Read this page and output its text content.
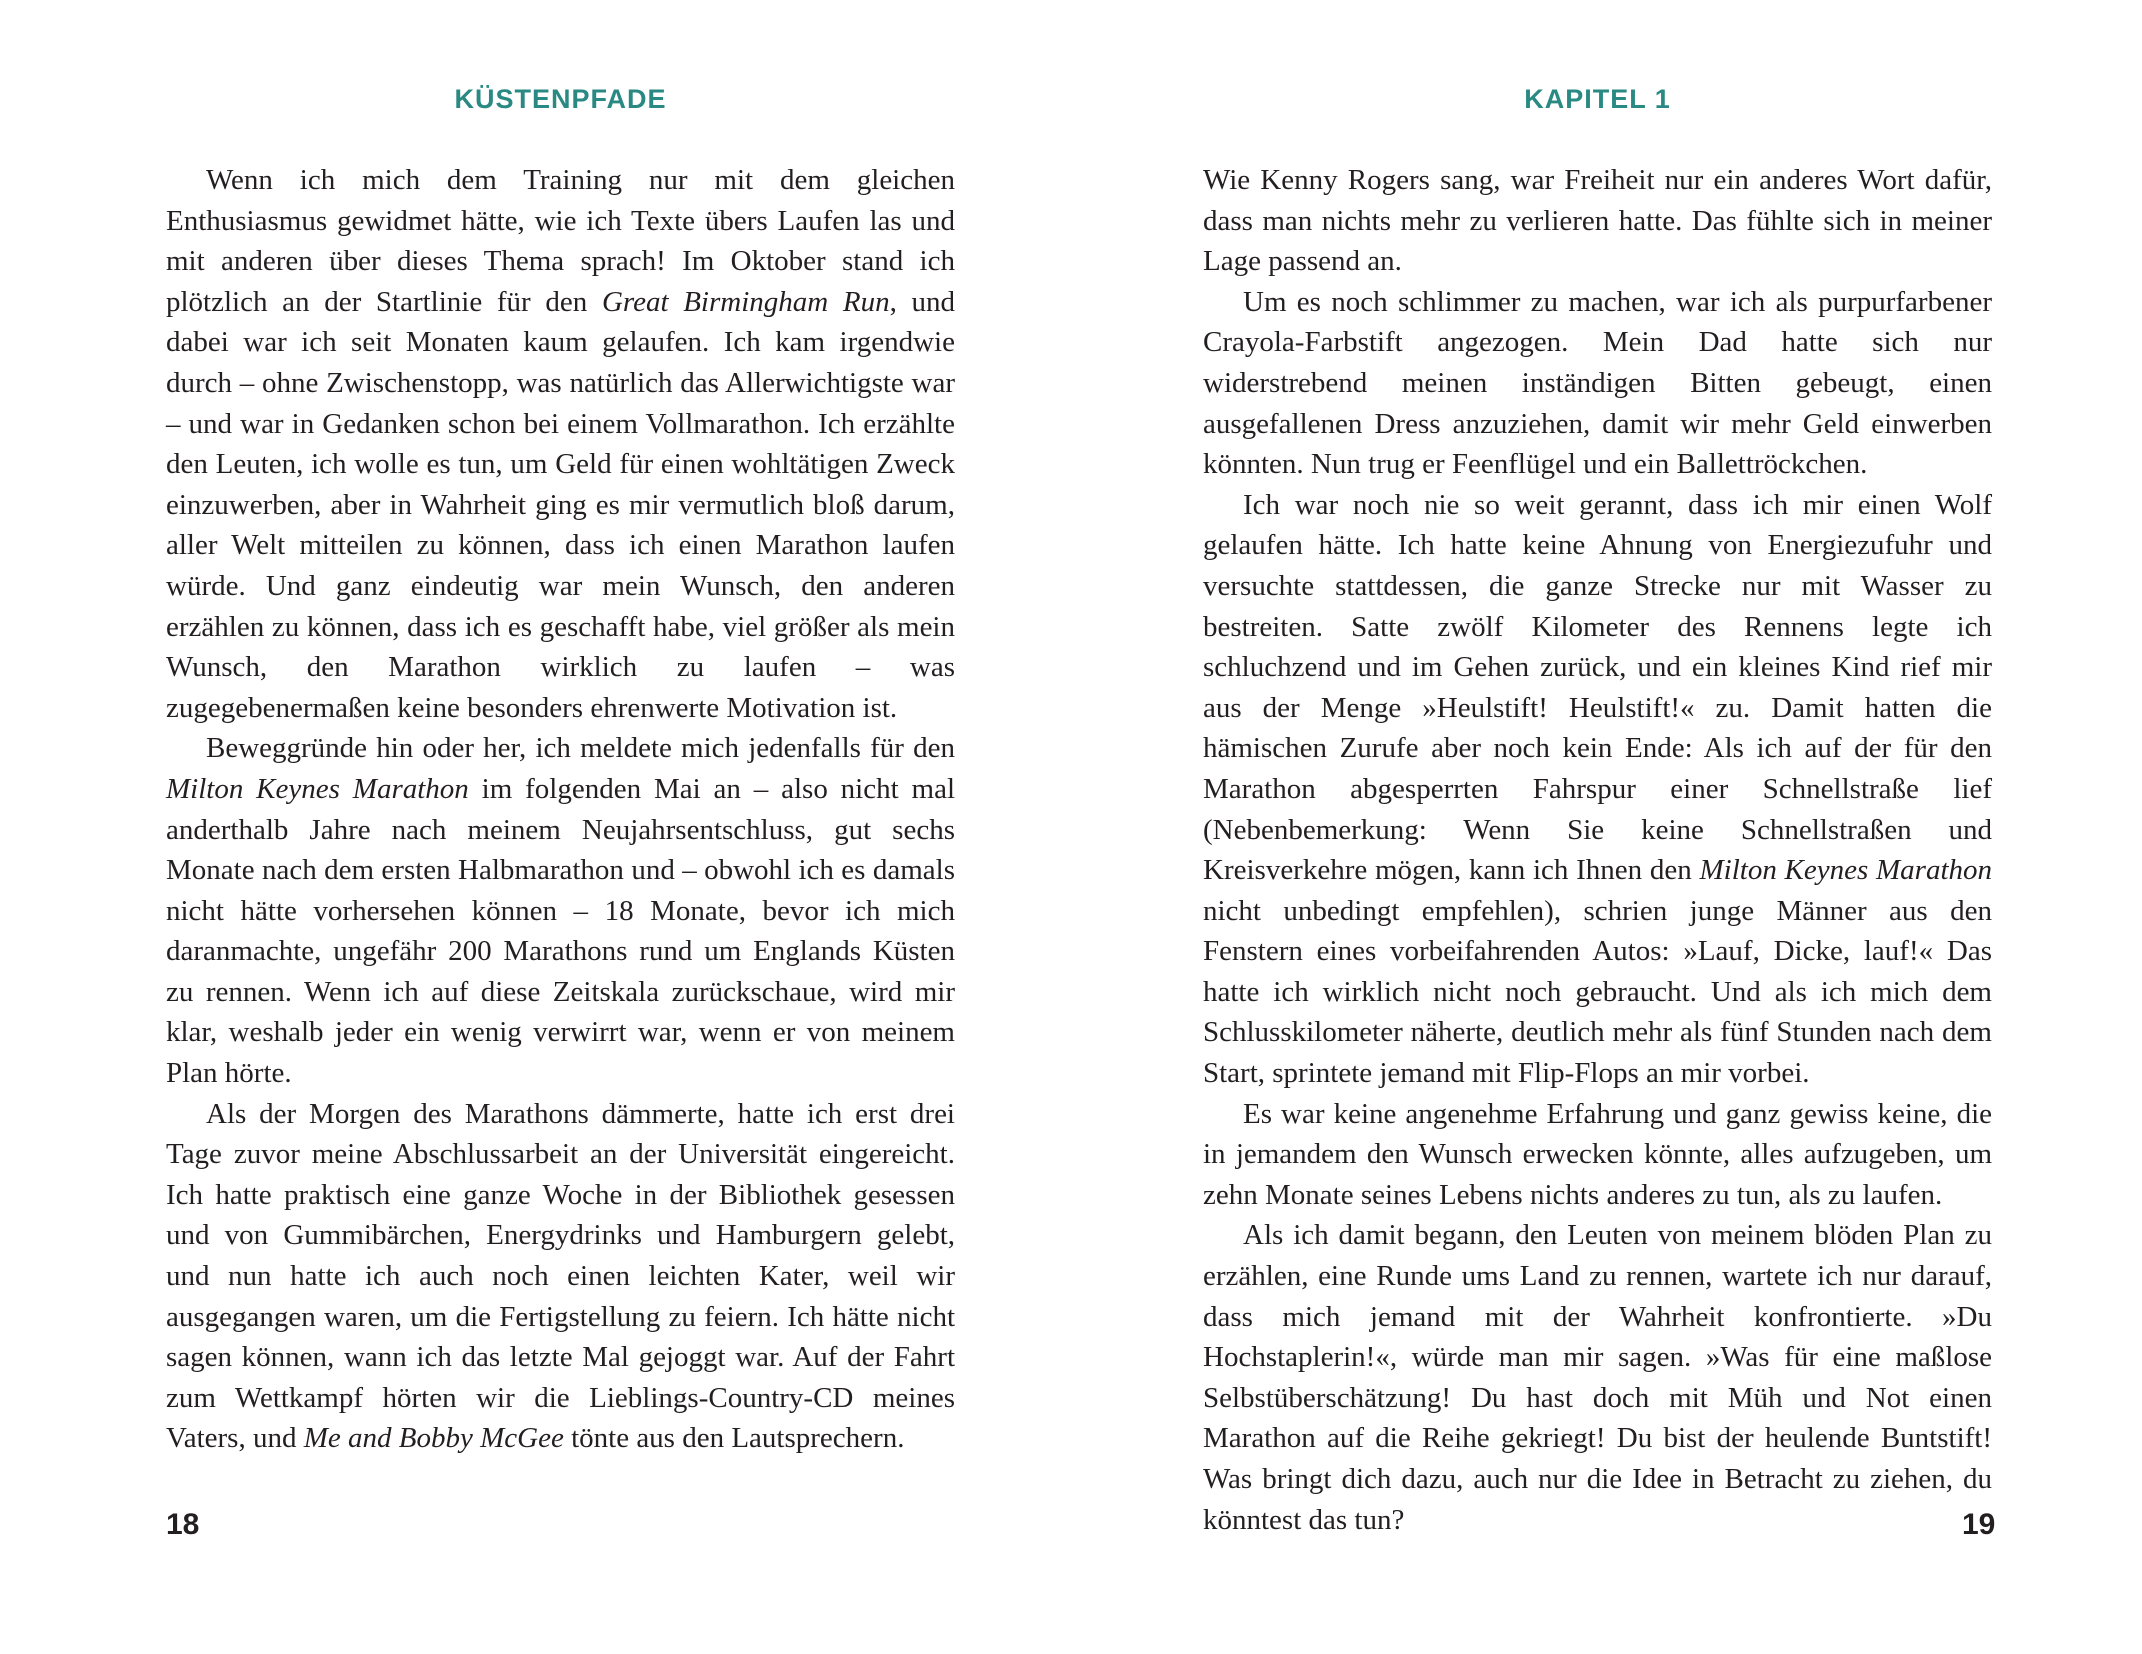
KÜSTENPFADE

Wenn ich mich dem Training nur mit dem gleichen Enthusiasmus gewidmet hätte, wie ich Texte übers Laufen las und mit anderen über dieses Thema sprach! Im Oktober stand ich plötzlich an der Startlinie für den Great Birmingham Run, und dabei war ich seit Monaten kaum gelaufen. Ich kam irgendwie durch – ohne Zwischenstopp, was natürlich das Allerwichtigste war – und war in Gedanken schon bei einem Vollmarathon. Ich erzählte den Leuten, ich wolle es tun, um Geld für einen wohltätigen Zweck einzuwerben, aber in Wahrheit ging es mir vermutlich bloß darum, aller Welt mitteilen zu können, dass ich einen Marathon laufen würde. Und ganz eindeutig war mein Wunsch, den anderen erzählen zu können, dass ich es geschafft habe, viel größer als mein Wunsch, den Marathon wirklich zu laufen – was zugegebenermaßen keine besonders ehrenwerte Motivation ist.

Beweggründe hin oder her, ich meldete mich jedenfalls für den Milton Keynes Marathon im folgenden Mai an – also nicht mal anderthalb Jahre nach meinem Neujahrsentschluss, gut sechs Monate nach dem ersten Halbmarathon und – obwohl ich es damals nicht hätte vorhersehen können – 18 Monate, bevor ich mich daranmachte, ungefähr 200 Marathons rund um Englands Küsten zu rennen. Wenn ich auf diese Zeitskala zurückschaue, wird mir klar, weshalb jeder ein wenig verwirrt war, wenn er von meinem Plan hörte.

Als der Morgen des Marathons dämmerte, hatte ich erst drei Tage zuvor meine Abschlussarbeit an der Universität eingereicht. Ich hatte praktisch eine ganze Woche in der Bibliothek gesessen und von Gummibärchen, Energydrinks und Hamburgern gelebt, und nun hatte ich auch noch einen leichten Kater, weil wir ausgegangen waren, um die Fertigstellung zu feiern. Ich hätte nicht sagen können, wann ich das letzte Mal gejoggt war. Auf der Fahrt zum Wettkampf hörten wir die Lieblings-Country-CD meines Vaters, und Me and Bobby McGee tönte aus den Lautsprechern.

18
KAPITEL 1

Wie Kenny Rogers sang, war Freiheit nur ein anderes Wort dafür, dass man nichts mehr zu verlieren hatte. Das fühlte sich in meiner Lage passend an.

Um es noch schlimmer zu machen, war ich als purpurfarbener Crayola-Farbstift angezogen. Mein Dad hatte sich nur widerstrebend meinen inständigen Bitten gebeugt, einen ausgefallenen Dress anzuziehen, damit wir mehr Geld einwerben könnten. Nun trug er Feenflügel und ein Ballettröckchen.

Ich war noch nie so weit gerannt, dass ich mir einen Wolf gelaufen hätte. Ich hatte keine Ahnung von Energiezufuhr und versuchte stattdessen, die ganze Strecke nur mit Wasser zu bestreiten. Satte zwölf Kilometer des Rennens legte ich schluchzend und im Gehen zurück, und ein kleines Kind rief mir aus der Menge »Heulstift! Heulstift!« zu. Damit hatten die hämischen Zurufe aber noch kein Ende: Als ich auf der für den Marathon abgesperrten Fahrspur einer Schnellstraße lief (Nebenbemerkung: Wenn Sie keine Schnellstraßen und Kreisverkehre mögen, kann ich Ihnen den Milton Keynes Marathon nicht unbedingt empfehlen), schrien junge Männer aus den Fenstern eines vorbeifahrenden Autos: »Lauf, Dicke, lauf!« Das hatte ich wirklich nicht noch gebraucht. Und als ich mich dem Schlusskilometer näherte, deutlich mehr als fünf Stunden nach dem Start, sprintete jemand mit Flip-Flops an mir vorbei.

Es war keine angenehme Erfahrung und ganz gewiss keine, die in jemandem den Wunsch erwecken könnte, alles aufzugeben, um zehn Monate seines Lebens nichts anderes zu tun, als zu laufen.

Als ich damit begann, den Leuten von meinem blöden Plan zu erzählen, eine Runde ums Land zu rennen, wartete ich nur darauf, dass mich jemand mit der Wahrheit konfrontierte. »Du Hochstaplerin!«, würde man mir sagen. »Was für eine maßlose Selbstüberschätzung! Du hast doch mit Müh und Not einen Marathon auf die Reihe gekriegt! Du bist der heulende Buntstift! Was bringt dich dazu, auch nur die Idee in Betracht zu ziehen, du könntest das tun?	19
